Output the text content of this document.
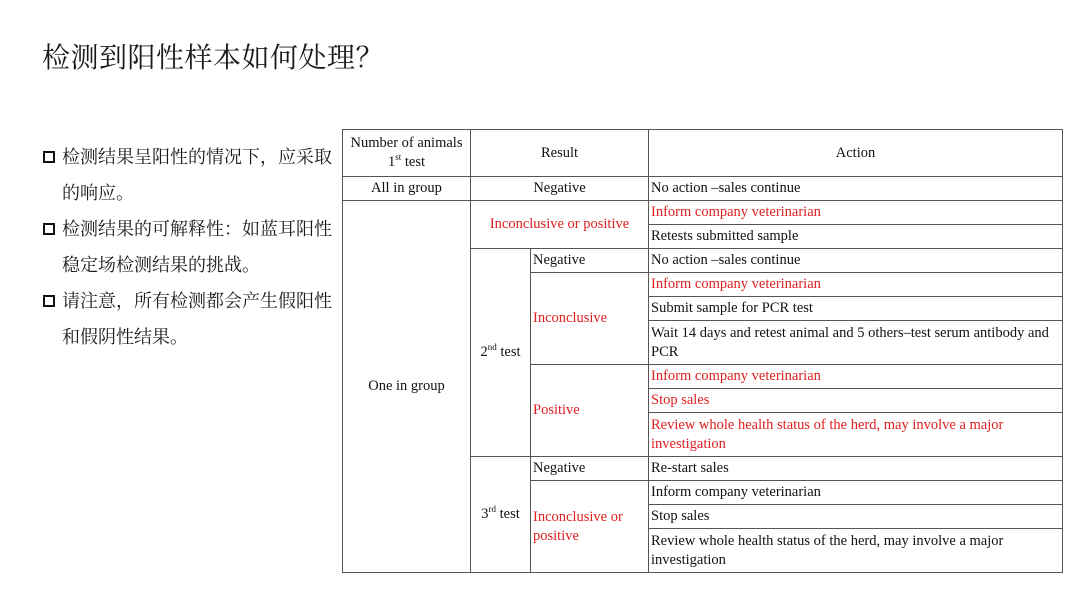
检测到阳性样本如何处理？
检测结果呈阳性的情况下，应采取的响应。
检测结果的可解释性：如蓝耳阳性稳定场检测结果的挑战。
请注意，所有检测都会产生假阳性和假阴性结果。
Number of animals
1st test	Result		Action
All in group	Negative		No action –sales continue
One in group	Inconclusive or positive		Inform company veterinarian
			Retests submitted sample
	2nd test	Negative	No action –sales continue
		Inconclusive	Inform company veterinarian
			Submit sample for PCR test
			Wait 14 days and retest animal and 5 others–test serum antibody and PCR
		Positive	Inform company veterinarian
			Stop sales
			Review whole health status of the herd, may involve a major investigation
	3rd test	Negative	Re-start sales
		Inconclusive or positive	Inform company veterinarian
			Stop sales
			Review whole health status of the herd, may involve a major investigation
